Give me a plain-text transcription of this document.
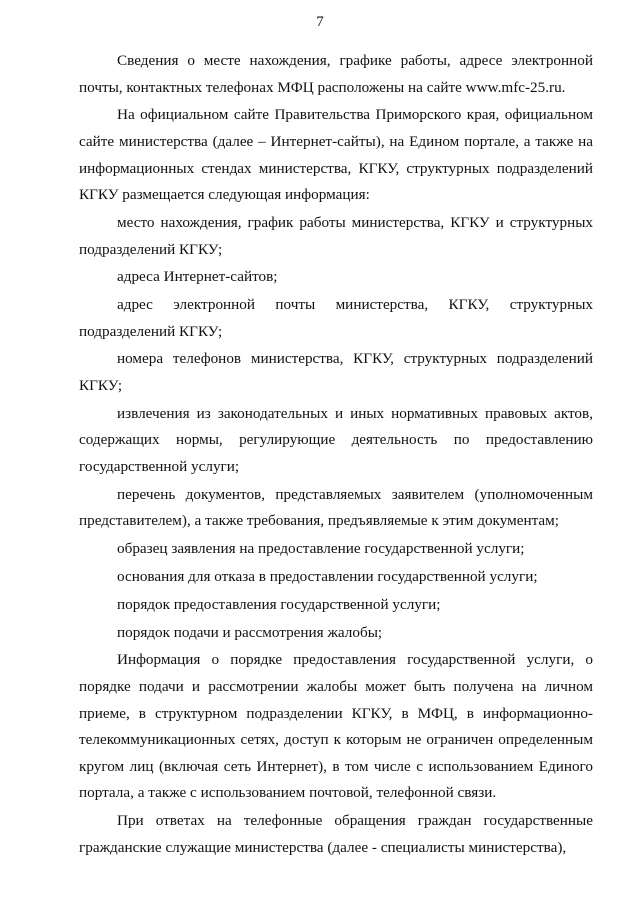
7

Сведения о месте нахождения, графике работы, адресе электронной почты, контактных телефонах МФЦ расположены на сайте www.mfc-25.ru.

На официальном сайте Правительства Приморского края, официальном сайте министерства (далее – Интернет-сайты), на Едином портале, а также на информационных стендах министерства, КГКУ, структурных подразделений КГКУ размещается следующая информация:

место нахождения, график работы министерства, КГКУ и структурных подразделений КГКУ;

адреса Интернет-сайтов;

адрес электронной почты министерства, КГКУ, структурных подразделений КГКУ;

номера телефонов министерства, КГКУ, структурных подразделений КГКУ;

извлечения из законодательных и иных нормативных правовых актов, содержащих нормы, регулирующие деятельность по предоставлению государственной услуги;

перечень документов, представляемых заявителем (уполномоченным представителем), а также требования, предъявляемые к этим документам;

образец заявления на предоставление государственной услуги;

основания для отказа в предоставлении государственной услуги;

порядок предоставления государственной услуги;

порядок подачи и рассмотрения жалобы;

Информация о порядке предоставления государственной услуги, о порядке подачи и рассмотрении жалобы может быть получена на личном приеме, в структурном подразделении КГКУ, в МФЦ, в информационно-телекоммуникационных сетях, доступ к которым не ограничен определенным кругом лиц (включая сеть Интернет), в том числе с использованием Единого портала, а также с использованием почтовой, телефонной связи.

При ответах на телефонные обращения граждан государственные гражданские служащие министерства (далее - специалисты министерства),
